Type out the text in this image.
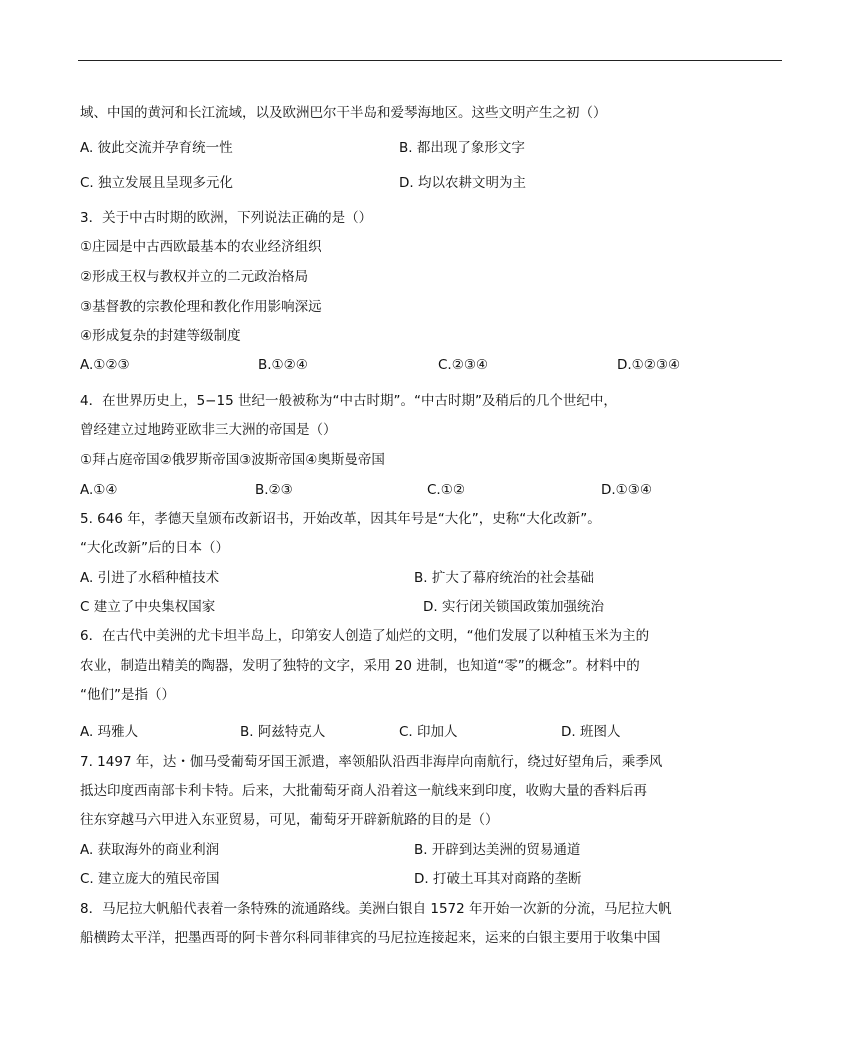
域、中国的黄河和长江流域，以及欧洲巴尔干半岛和爱琴海地区。这些文明产生之初（）
A. 彼此交流并孕育统一性	B. 都出现了象形文字
C. 独立发展且呈现多元化	D. 均以农耕文明为主
3．关于中古时期的欧洲，下列说法正确的是（）
①庄园是中古西欧最基本的农业经济组织
②形成王权与教权并立的二元政治格局
③基督教的宗教伦理和教化作用影响深远
④形成复杂的封建等级制度
A.①②③	B.①②④	C.②③④	D.①②③④
4．在世界历史上，5−15 世纪一般被称为“中古时期”。“中古时期”及稍后的几个世纪中，
曾经建立过地跨亚欧非三大洲的帝国是（）
①拜占庭帝国②俄罗斯帝国③波斯帝国④奥斯曼帝国
A.①④	B.②③	C.①②	D.①③④
5. 646 年，孝德天皇颁布改新诏书，开始改革，因其年号是“大化”，史称“大化改新”。
“大化改新”后的日本（）
A. 引进了水稻种植技术	B. 扩大了幕府统治的社会基础
C 建立了中央集权国家	D. 实行闭关锁国政策加强统治
6．在古代中美洲的尤卡坦半岛上，印第安人创造了灿烂的文明，“他们发展了以种植玉米为主的
农业，制造出精美的陶器，发明了独特的文字，采用 20 进制，也知道“零”的概念”。材料中的
“他们”是指（）
A. 玛雅人	B. 阿兹特克人	C. 印加人	D. 班图人
7. 1497 年，达・伽马受葡萄牙国王派遣，率领船队沿西非海岸向南航行，绕过好望角后，乘季风
抵达印度西南部卡利卡特。后来，大批葡萄牙商人沿着这一航线来到印度，收购大量的香料后再
往东穿越马六甲进入东亚贸易，可见，葡萄牙开辟新航路的目的是（）
A. 获取海外的商业利润	B. 开辟到达美洲的贸易通道
C. 建立庞大的殖民帝国	D. 打破土耳其对商路的垄断
8．马尼拉大帆船代表着一条特殊的流通路线。美洲白银自 1572 年开始一次新的分流，马尼拉大帆
船横跨太平洋，把墨西哥的阿卡普尔科同菲律宾的马尼拉连接起来，运来的白银主要用于收集中国
